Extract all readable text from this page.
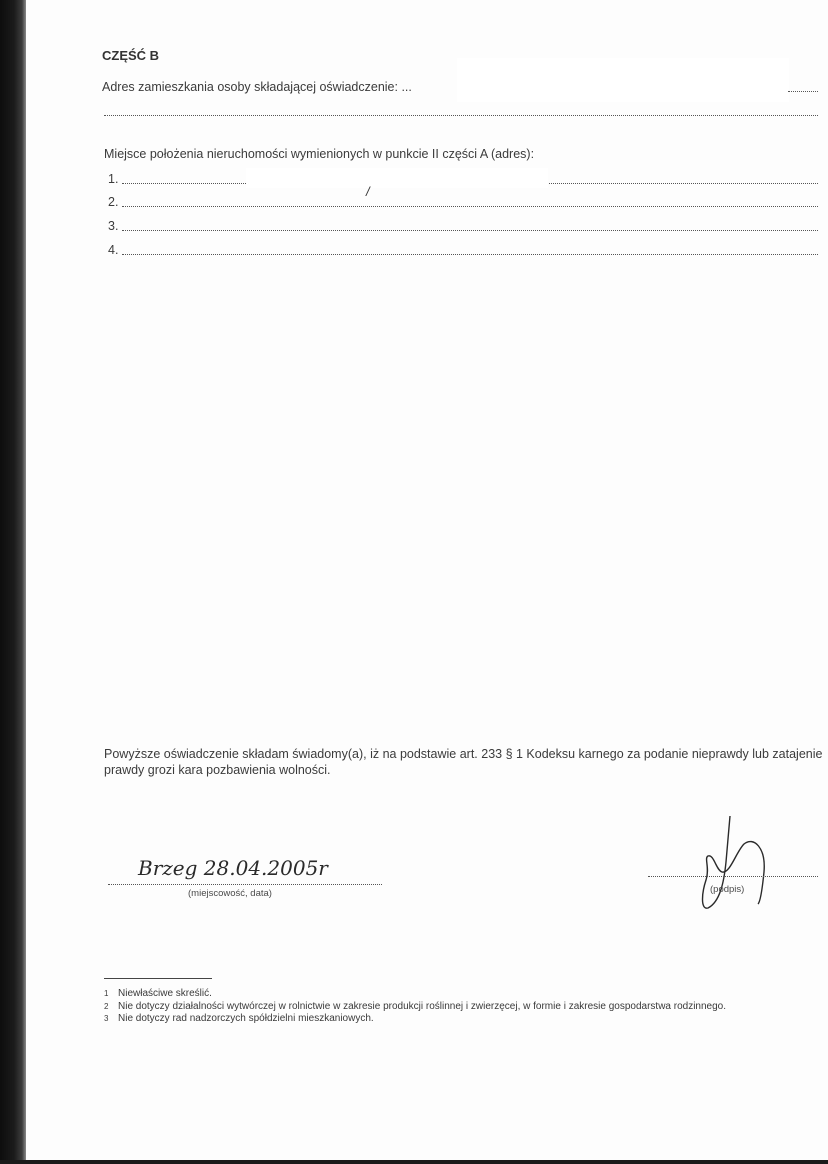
CZĘŚĆ B
Adres zamieszkania osoby składającej oświadczenie: ...
Miejsce położenia nieruchomości wymienionych w punkcie II części A (adres):
1.
2.
/
3.
4.
Powyższe oświadczenie składam świadomy(a), iż na podstawie art. 233 § 1 Kodeksu karnego za podanie nieprawdy lub zatajenie prawdy grozi kara pozbawienia wolności.
Brzeg 28.04.2005r
(miejscowość, data)	(podpis)
1 Niewłaściwe skreślić.
2 Nie dotyczy działalności wytwórczej w rolnictwie w zakresie produkcji roślinnej i zwierzęcej, w formie i zakresie gospodarstwa rodzinnego.
3 Nie dotyczy rad nadzorczych spółdzielni mieszkaniowych.
